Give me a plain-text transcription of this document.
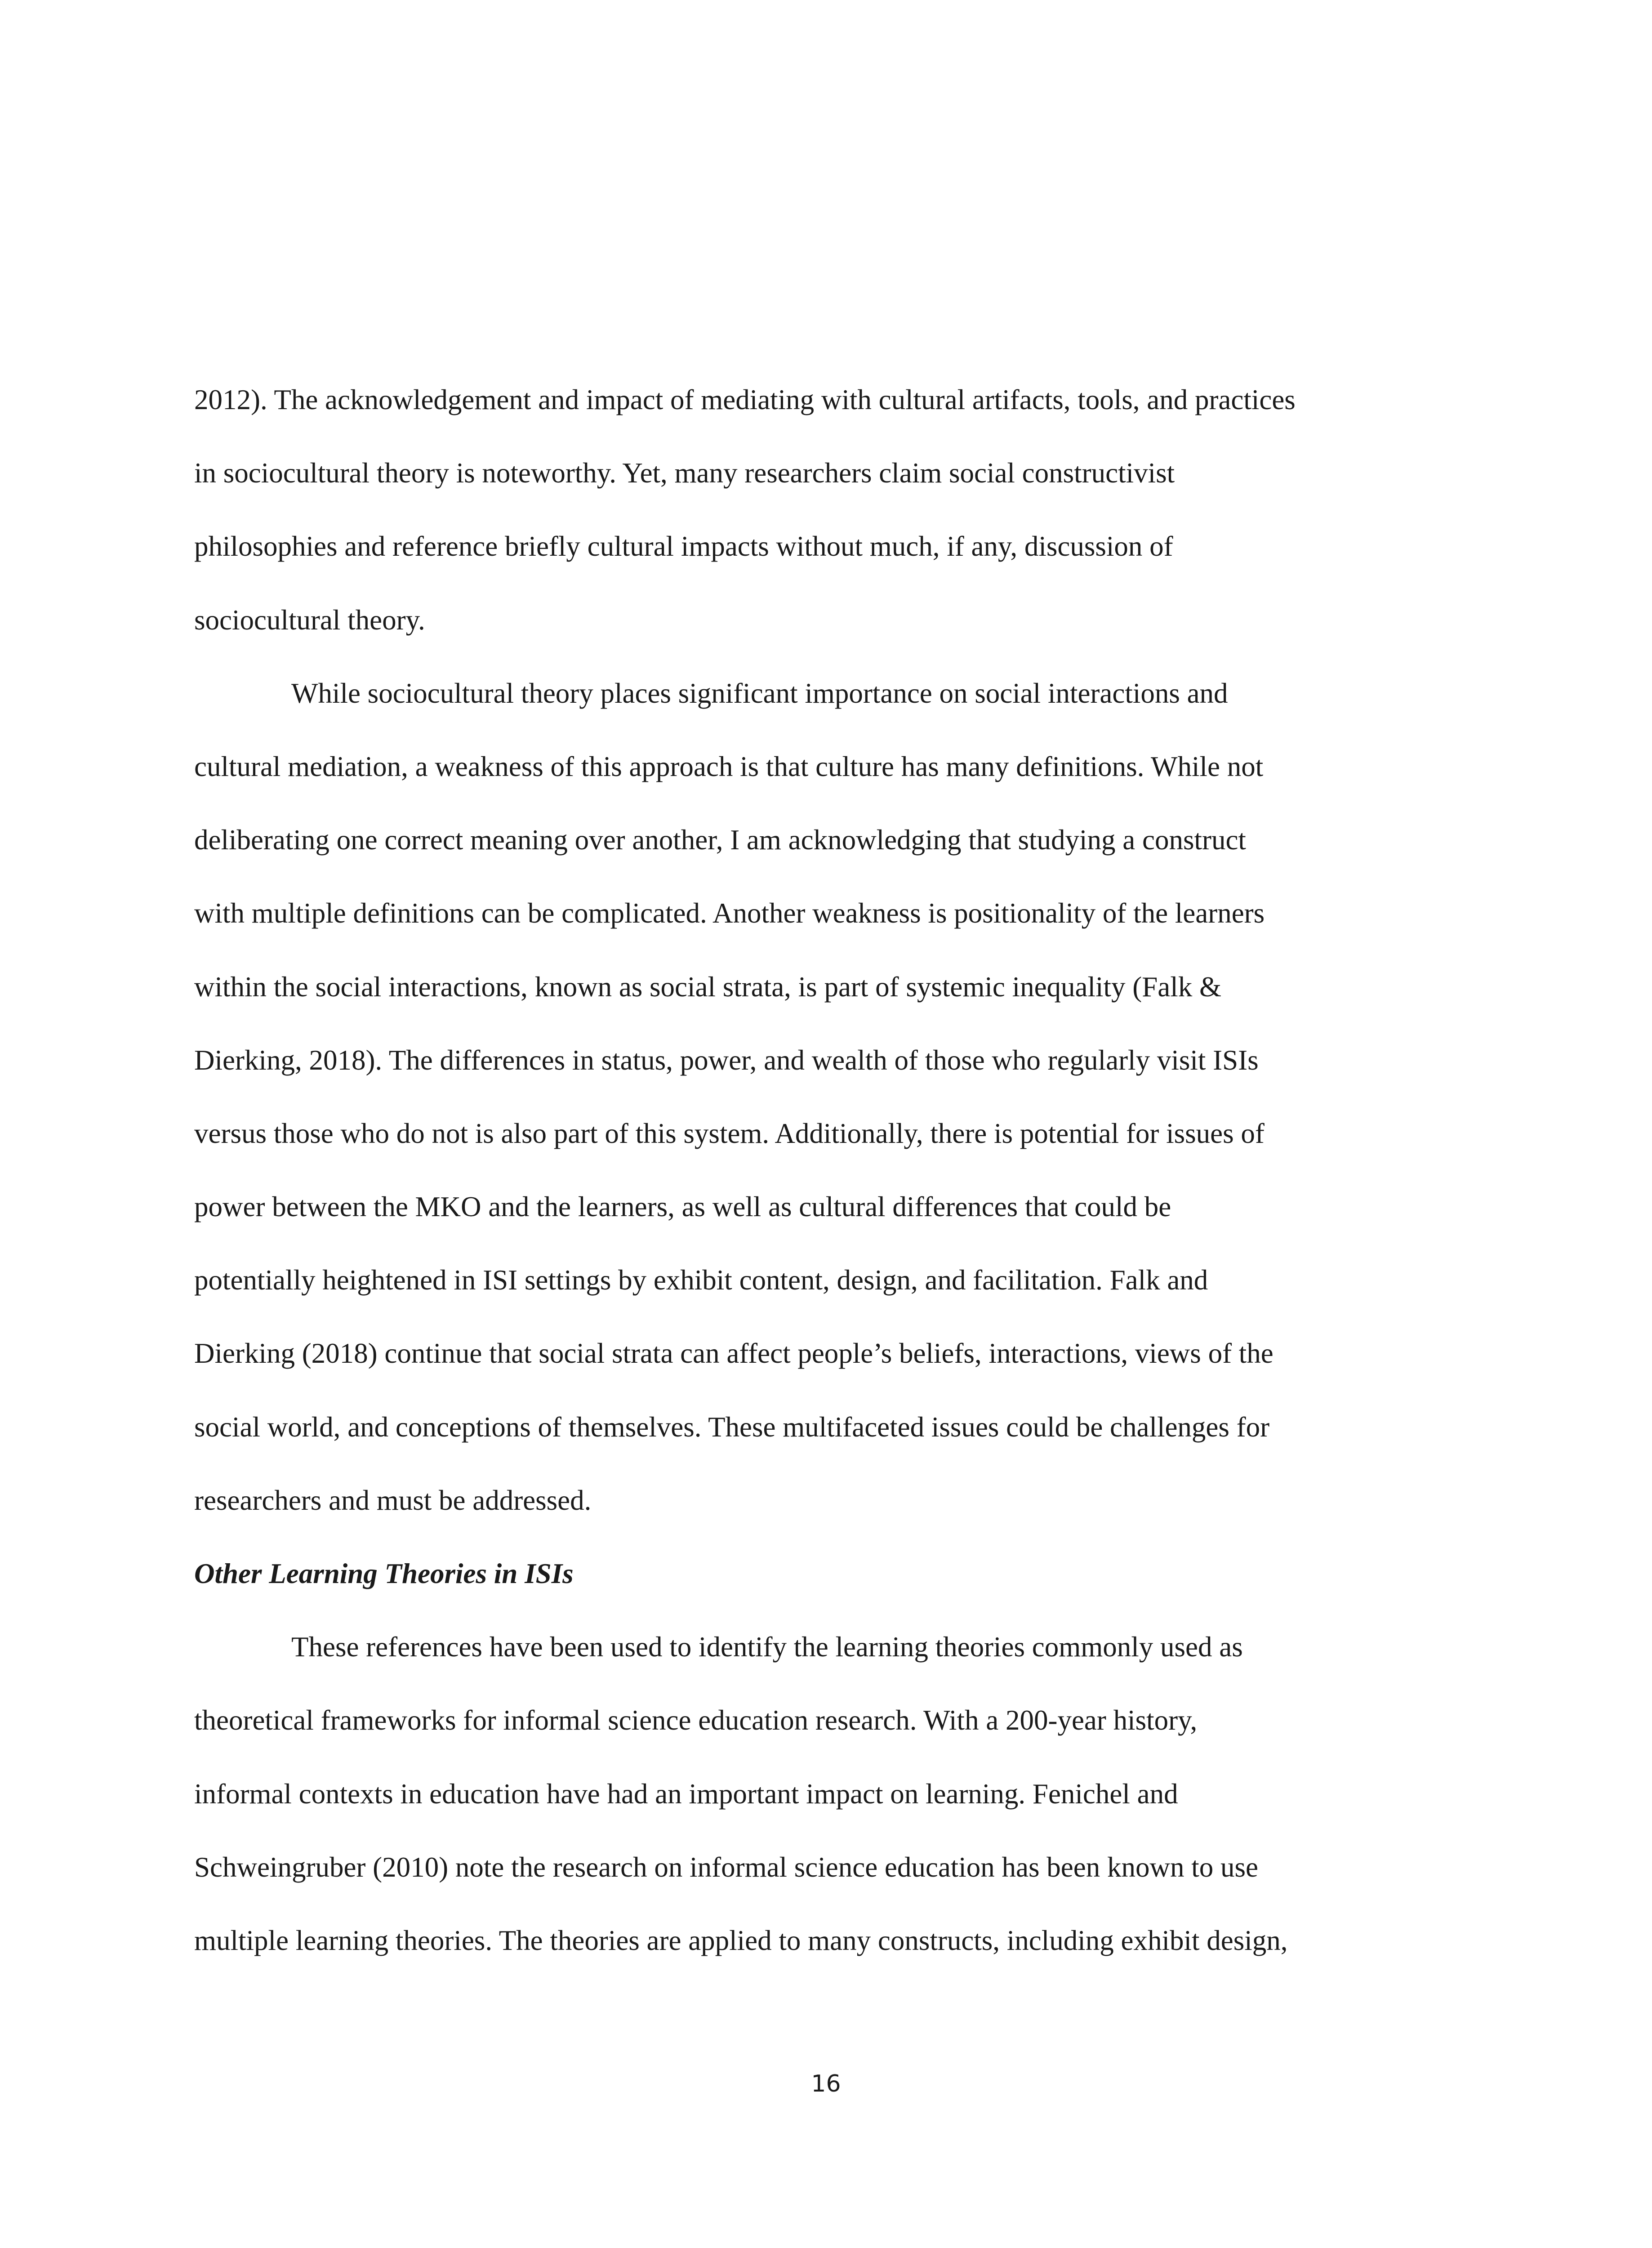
2012). The acknowledgement and impact of mediating with cultural artifacts, tools, and practices
in sociocultural theory is noteworthy. Yet, many researchers claim social constructivist
philosophies and reference briefly cultural impacts without much, if any, discussion of
sociocultural theory.
While sociocultural theory places significant importance on social interactions and
cultural mediation, a weakness of this approach is that culture has many definitions. While not
deliberating one correct meaning over another, I am acknowledging that studying a construct
with multiple definitions can be complicated. Another weakness is positionality of the learners
within the social interactions, known as social strata, is part of systemic inequality (Falk &
Dierking, 2018). The differences in status, power, and wealth of those who regularly visit ISIs
versus those who do not is also part of this system. Additionally, there is potential for issues of
power between the MKO and the learners, as well as cultural differences that could be
potentially heightened in ISI settings by exhibit content, design, and facilitation. Falk and
Dierking (2018) continue that social strata can affect people’s beliefs, interactions, views of the
social world, and conceptions of themselves. These multifaceted issues could be challenges for
researchers and must be addressed.
Other Learning Theories in ISIs
These references have been used to identify the learning theories commonly used as
theoretical frameworks for informal science education research. With a 200-year history,
informal contexts in education have had an important impact on learning. Fenichel and
Schweingruber (2010) note the research on informal science education has been known to use
multiple learning theories. The theories are applied to many constructs, including exhibit design,
16
